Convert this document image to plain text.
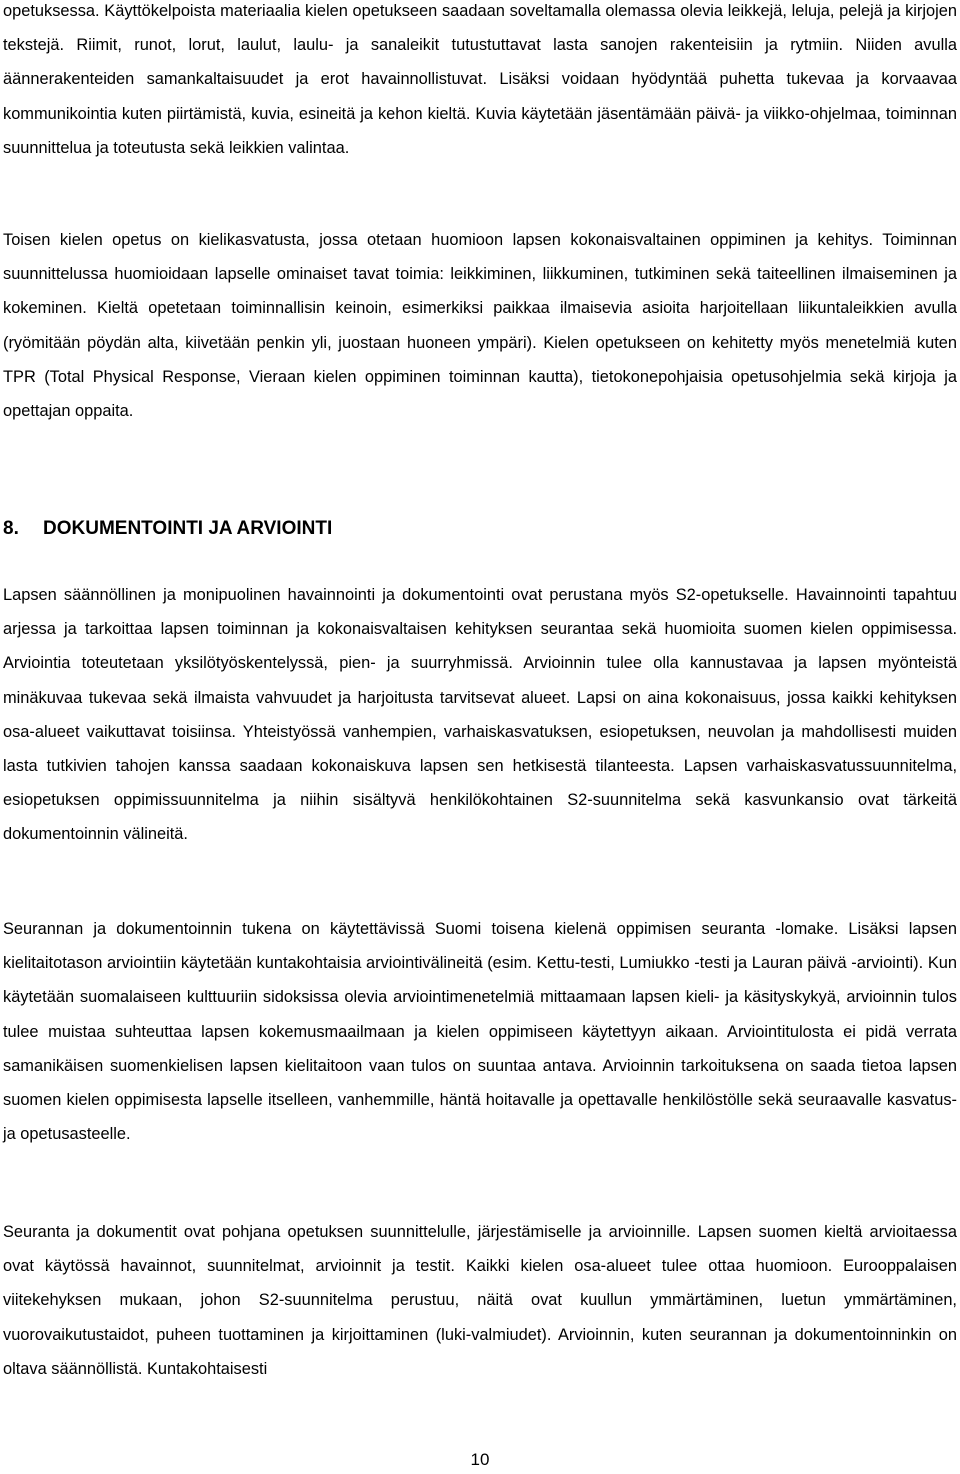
opetuksessa. Käyttökelpoista materiaalia kielen opetukseen saadaan soveltamalla olemassa olevia leikkejä, leluja, pelejä ja kirjojen tekstejä. Riimit, runot, lorut, laulut, laulu- ja sanaleikit tutustuttavat lasta sanojen rakenteisiin ja rytmiin. Niiden avulla äännerakenteiden samankaltaisuudet ja erot havainnollistuvat. Lisäksi voidaan hyödyntää puhetta tukevaa ja korvaavaa kommunikointia kuten piirtämistä, kuvia, esineitä ja kehon kieltä. Kuvia käytetään jäsentämään päivä- ja viikko-ohjelmaa, toiminnan suunnittelua ja toteutusta sekä leikkien valintaa.

Toisen kielen opetus on kielikasvatusta, jossa otetaan huomioon lapsen kokonaisvaltainen oppiminen ja kehitys. Toiminnan suunnittelussa huomioidaan lapselle ominaiset tavat toimia: leikkiminen, liikkuminen, tutkiminen sekä taiteellinen ilmaiseminen ja kokeminen. Kieltä opetetaan toiminnallisin keinoin, esimerkiksi paikkaa ilmaisevia asioita harjoitellaan liikuntaleikkien avulla (ryömitään pöydän alta, kiivetään penkin yli, juostaan huoneen ympäri). Kielen opetukseen on kehitetty myös menetelmiä kuten TPR (Total Physical Response, Vieraan kielen oppiminen toiminnan kautta), tietokonepohjaisia opetusohjelmia sekä kirjoja ja opettajan oppaita.

8. DOKUMENTOINTI JA ARVIOINTI

Lapsen säännöllinen ja monipuolinen havainnointi ja dokumentointi ovat perustana myös S2-opetukselle. Havainnointi tapahtuu arjessa ja tarkoittaa lapsen toiminnan ja kokonaisvaltaisen kehityksen seurantaa sekä huomioita suomen kielen oppimisessa. Arviointia toteutetaan yksilötyöskentelyssä, pien- ja suurryhmissä. Arvioinnin tulee olla kannustavaa ja lapsen myönteistä minäkuvaa tukevaa sekä ilmaista vahvuudet ja harjoitusta tarvitsevat alueet. Lapsi on aina kokonaisuus, jossa kaikki kehityksen osa-alueet vaikuttavat toisiinsa. Yhteistyössä vanhempien, varhaiskasvatuksen, esiopetuksen, neuvolan ja mahdollisesti muiden lasta tutkivien tahojen kanssa saadaan kokonaiskuva lapsen sen hetkisestä tilanteesta. Lapsen varhaiskasvatussuunnitelma, esiopetuksen oppimissuunnitelma ja niihin sisältyvä henkilökohtainen S2-suunnitelma sekä kasvunkansio ovat tärkeitä dokumentoinnin välineitä.

Seurannan ja dokumentoinnin tukena on käytettävissä Suomi toisena kielenä oppimisen seuranta -lomake. Lisäksi lapsen kielitaitotason arviointiin käytetään kuntakohtaisia arviointivälineitä (esim. Kettu-testi, Lumiukko -testi ja Lauran päivä -arviointi). Kun käytetään suomalaiseen kulttuuriin sidoksissa olevia arviointimenetelmiä mittaamaan lapsen kieli- ja käsityskykyä, arvioinnin tulos tulee muistaa suhteuttaa lapsen kokemusmaailmaan ja kielen oppimiseen käytettyyn aikaan. Arviointitulosta ei pidä verrata samanikäisen suomenkielisen lapsen kielitaitoon vaan tulos on suuntaa antava. Arvioinnin tarkoituksena on saada tietoa lapsen suomen kielen oppimisesta lapselle itselleen, vanhemmille, häntä hoitavalle ja opettavalle henkilöstölle sekä seuraavalle kasvatus- ja opetusasteelle.

Seuranta ja dokumentit ovat pohjana opetuksen suunnittelulle, järjestämiselle ja arvioinnille. Lapsen suomen kieltä arvioitaessa ovat käytössä havainnot, suunnitelmat, arvioinnit ja testit. Kaikki kielen osa-alueet tulee ottaa huomioon. Eurooppalaisen viitekehyksen mukaan, johon S2-suunnitelma perustuu, näitä ovat kuullun ymmärtäminen, luetun ymmärtäminen, vuorovaikutustaidot, puheen tuottaminen ja kirjoittaminen (luki-valmiudet). Arvioinnin, kuten seurannan ja dokumentoinninkin on oltava säännöllistä. Kuntakohtaisesti

10
